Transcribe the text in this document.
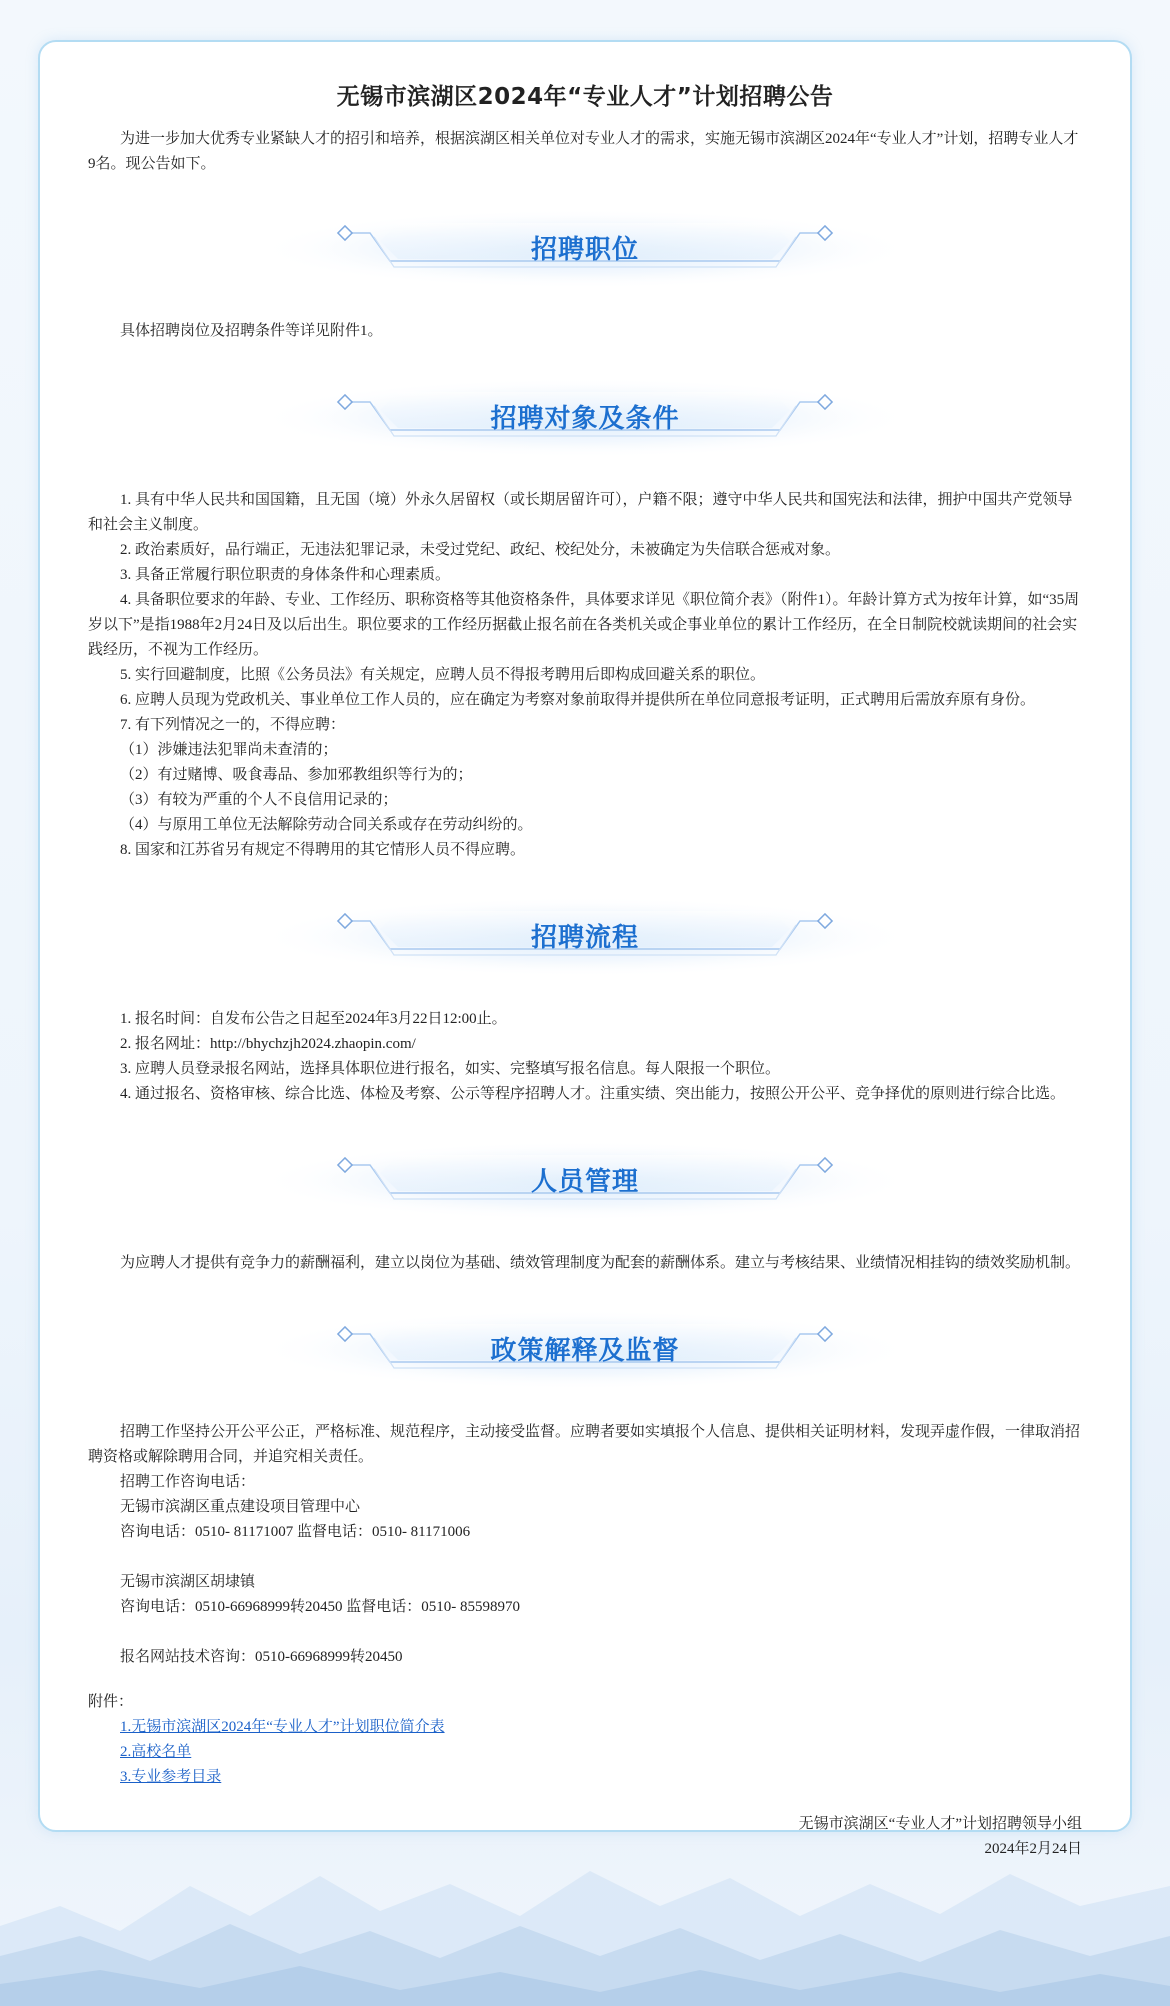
无锡市滨湖区2024年“专业人才”计划招聘公告

为进一步加大优秀专业紧缺人才的招引和培养，根据滨湖区相关单位对专业人才的需求，实施无锡市滨湖区2024年“专业人才”计划，招聘专业人才9名。现公告如下。

招聘职位

具体招聘岗位及招聘条件等详见附件1。

招聘对象及条件

1. 具有中华人民共和国国籍，且无国（境）外永久居留权（或长期居留许可），户籍不限；遵守中华人民共和国宪法和法律，拥护中国共产党领导和社会主义制度。

2. 政治素质好，品行端正，无违法犯罪记录，未受过党纪、政纪、校纪处分，未被确定为失信联合惩戒对象。

3. 具备正常履行职位职责的身体条件和心理素质。

4. 具备职位要求的年龄、专业、工作经历、职称资格等其他资格条件，具体要求详见《职位简介表》（附件1）。年龄计算方式为按年计算，如“35周岁以下”是指1988年2月24日及以后出生。职位要求的工作经历据截止报名前在各类机关或企事业单位的累计工作经历，在全日制院校就读期间的社会实践经历，不视为工作经历。

5. 实行回避制度，比照《公务员法》有关规定，应聘人员不得报考聘用后即构成回避关系的职位。

6. 应聘人员现为党政机关、事业单位工作人员的，应在确定为考察对象前取得并提供所在单位同意报考证明，正式聘用后需放弃原有身份。

7. 有下列情况之一的，不得应聘：

（1）涉嫌违法犯罪尚未查清的；

（2）有过赌博、吸食毒品、参加邪教组织等行为的；

（3）有较为严重的个人不良信用记录的；

（4）与原用工单位无法解除劳动合同关系或存在劳动纠纷的。

8. 国家和江苏省另有规定不得聘用的其它情形人员不得应聘。

招聘流程

1. 报名时间：自发布公告之日起至2024年3月22日12:00止。

2. 报名网址：http://bhychzjh2024.zhaopin.com/

3. 应聘人员登录报名网站，选择具体职位进行报名，如实、完整填写报名信息。每人限报一个职位。

4. 通过报名、资格审核、综合比选、体检及考察、公示等程序招聘人才。注重实绩、突出能力，按照公开公平、竞争择优的原则进行综合比选。

人员管理

为应聘人才提供有竞争力的薪酬福利，建立以岗位为基础、绩效管理制度为配套的薪酬体系。建立与考核结果、业绩情况相挂钩的绩效奖励机制。

政策解释及监督

招聘工作坚持公开公平公正，严格标准、规范程序，主动接受监督。应聘者要如实填报个人信息、提供相关证明材料，发现弄虚作假，一律取消招聘资格或解除聘用合同，并追究相关责任。

招聘工作咨询电话：

无锡市滨湖区重点建设项目管理中心

咨询电话：0510- 81171007 监督电话：0510- 81171006

无锡市滨湖区胡埭镇

咨询电话：0510-66968999转20450 监督电话：0510- 85598970

报名网站技术咨询：0510-66968999转20450

附件：

1.无锡市滨湖区2024年“专业人才”计划职位简介表

2.高校名单

3.专业参考目录

无锡市滨湖区“专业人才”计划招聘领导小组

2024年2月24日
